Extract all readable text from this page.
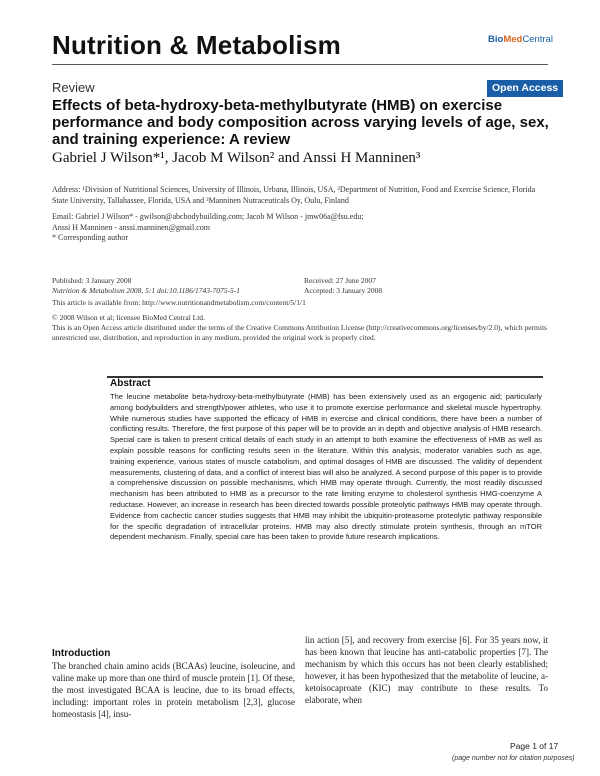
Nutrition & Metabolism	BioMedCentral
Review	Open Access
Effects of beta-hydroxy-beta-methylbutyrate (HMB) on exercise performance and body composition across varying levels of age, sex, and training experience: A review
Gabriel J Wilson*¹, Jacob M Wilson² and Anssi H Manninen³
Address: ¹Division of Nutritional Sciences, University of Illinois, Urbana, Illinois, USA, ²Department of Nutrition, Food and Exercise Science, Florida State University, Tallahassee, Florida, USA and ³Manninen Nutraceuticals Oy, Oulu, Finland
Email: Gabriel J Wilson* - gwilson@abcbodybuilding.com; Jacob M Wilson - jmw06a@fsu.edu;
Anssi H Manninen - anssi.manninen@gmail.com
* Corresponding author
Published: 3 January 2008
Nutrition & Metabolism 2008, 5:1 doi:10.1186/1743-7075-5-1
Received: 27 June 2007
Accepted: 3 January 2008
This article is available from: http://www.nutritionandmetabolism.com/content/5/1/1
© 2008 Wilson et al; licensee BioMed Central Ltd.
This is an Open Access article distributed under the terms of the Creative Commons Attribution License (http://creativecommons.org/licenses/by/2.0), which permits unrestricted use, distribution, and reproduction in any medium, provided the original work is properly cited.
Abstract
The leucine metabolite beta-hydroxy-beta-methylbutyrate (HMB) has been extensively used as an ergogenic aid; particularly among bodybuilders and strength/power athletes, who use it to promote exercise performance and skeletal muscle hypertrophy. While numerous studies have supported the efficacy of HMB in exercise and clinical conditions, there have been a number of conflicting results. Therefore, the first purpose of this paper will be to provide an in depth and objective analysis of HMB research. Special care is taken to present critical details of each study in an attempt to both examine the effectiveness of HMB as well as explain possible reasons for conflicting results seen in the literature. Within this analysis, moderator variables such as age, training experience, various states of muscle catabolism, and optimal dosages of HMB are discussed. The validity of dependent measurements, clustering of data, and a conflict of interest bias will also be analyzed. A second purpose of this paper is to provide a comprehensive discussion on possible mechanisms, which HMB may operate through. Currently, the most readily discussed mechanism has been attributed to HMB as a precursor to the rate limiting enzyme to cholesterol synthesis HMG-coenzyme A reductase. However, an increase in research has been directed towards possible proteolytic pathways HMB may operate through. Evidence from cachectic cancer studies suggests that HMB may inhibit the ubiquitin-proteasome proteolytic pathway responsible for the specific degradation of intracellular proteins. HMB may also directly stimulate protein synthesis, through an mTOR dependent mechanism. Finally, special care has been taken to provide future research implications.
Introduction
The branched chain amino acids (BCAAs) leucine, isoleucine, and valine make up more than one third of muscle protein [1]. Of these, the most investigated BCAA is leucine, due to its broad effects, including: important roles in protein metabolism [2,3], glucose homeostasis [4], insu-
lin action [5], and recovery from exercise [6]. For 35 years now, it has been known that leucine has anti-catabolic properties [7]. The mechanism by which this occurs has not been clearly established; however, it has been hypothesized that the metabolite of leucine, a-ketoisocaproate (KIC) may contribute to these results. To elaborate, when
Page 1 of 17
(page number not for citation purposes)
